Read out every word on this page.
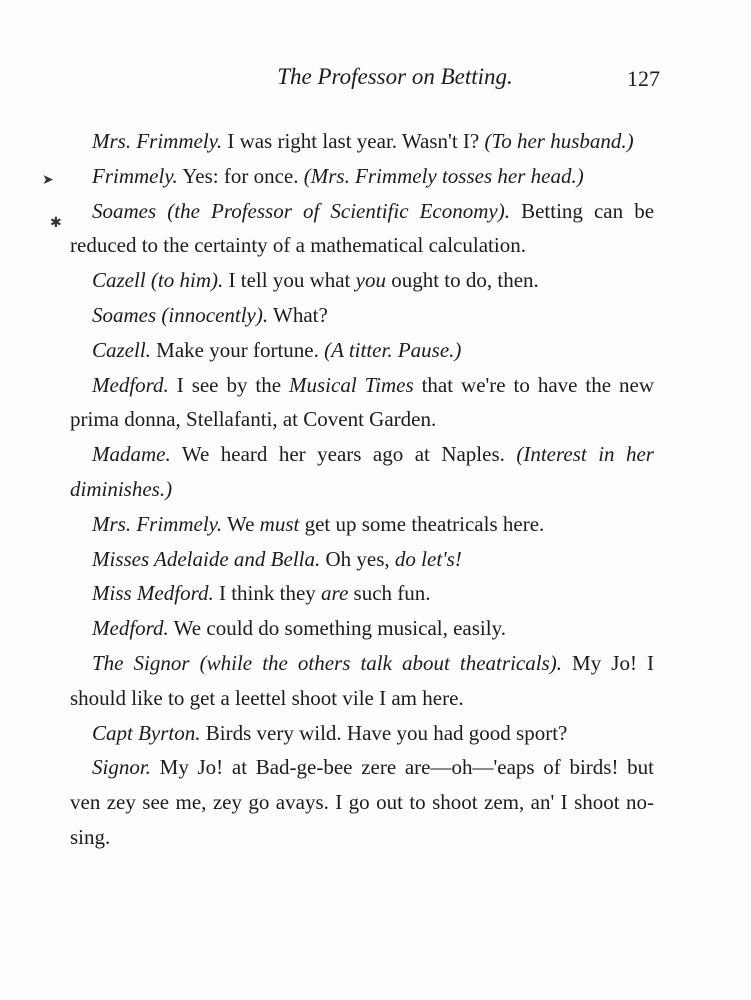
The Professor on Betting.	127
➤
✱

Mrs. Frimmely. I was right last year. Wasn't I? (To her husband.)

Frimmely. Yes: for once. (Mrs. Frimmely tosses her head.)

Soames (the Professor of Scientific Economy). Betting can be reduced to the certainty of a mathematical calculation.

Cazell (to him). I tell you what you ought to do, then.

Soames (innocently). What?

Cazell. Make your fortune. (A titter. Pause.)

Medford. I see by the Musical Times that we're to have the new prima donna, Stellafanti, at Covent Garden.

Madame. We heard her years ago at Naples. (Interest in her diminishes.)

Mrs. Frimmely. We must get up some theatricals here.

Misses Adelaide and Bella. Oh yes, do let's!

Miss Medford. I think they are such fun.

Medford. We could do something musical, easily.

The Signor (while the others talk about theatricals). My Jo! I should like to get a leettel shoot vile I am here.

Capt Byrton. Birds very wild. Have you had good sport?

Signor. My Jo! at Bad-ge-bee zere are—oh—'eaps of birds! but ven zey see me, zey go avays. I go out to shoot zem, an' I shoot no-sing.
